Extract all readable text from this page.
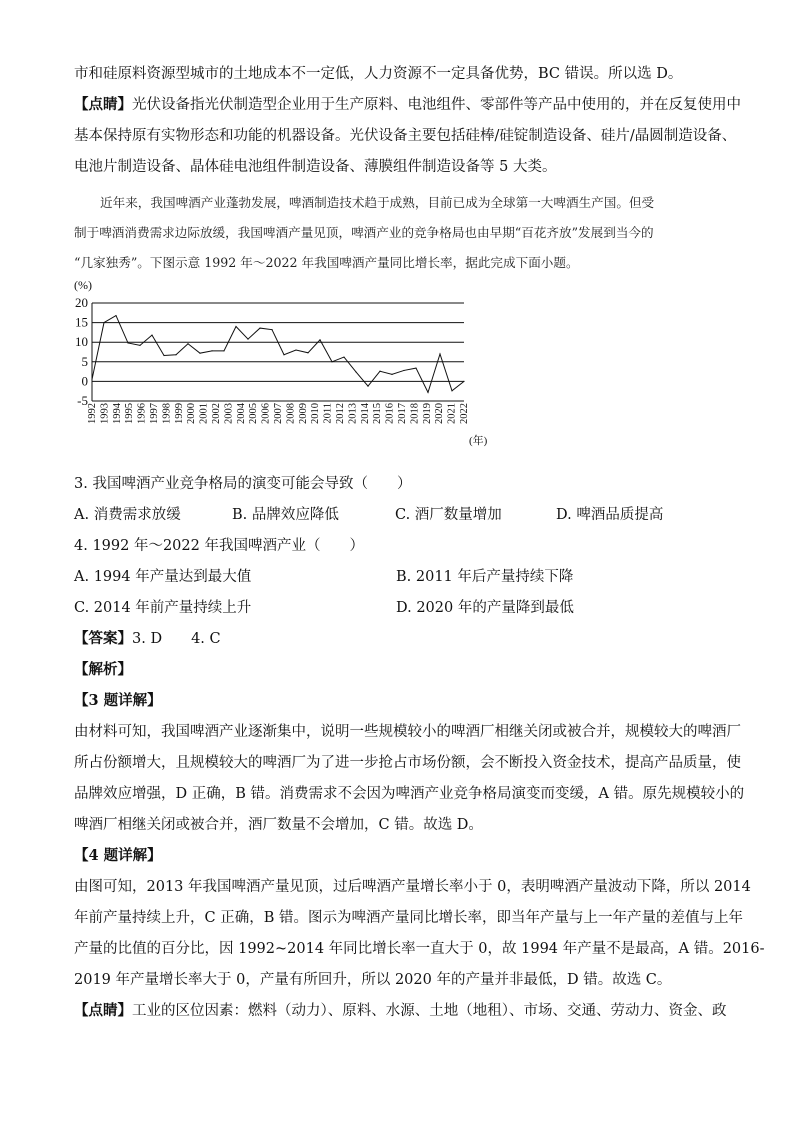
市和硅原料资源型城市的土地成本不一定低，人力资源不一定具备优势，BC 错误。所以选 D。
【点睛】光伏设备指光伏制造型企业用于生产原料、电池组件、零部件等产品中使用的，并在反复使用中
基本保持原有实物形态和功能的机器设备。光伏设备主要包括硅棒/硅锭制造设备、硅片/晶圆制造设备、
电池片制造设备、晶体硅电池组件制造设备、薄膜组件制造设备等 5 大类。
近年来，我国啤酒产业蓬勃发展，啤酒制造技术趋于成熟，目前已成为全球第一大啤酒生产国。但受
制于啤酒消费需求边际放缓，我国啤酒产量见顶，啤酒产业的竞争格局也由早期“百花齐放”发展到当今的
“几家独秀”。下图示意 1992 年～2022 年我国啤酒产量同比增长率，据此完成下面小题。
(%)
20
15
10
5
0
-5
1992 1993 1994 1995 1996 1997 1998 1999 2000 2001 2002 2003 2004 2005 2006 2007 2008 2009 2010 2011 2012 2013 2014 2015 2016 2017 2018 2019 2020 2021 2022
(年)
3. 我国啤酒产业竞争格局的演变可能会导致（　　）
A. 消费需求放缓	B. 品牌效应降低	C. 酒厂数量增加	D. 啤酒品质提高
4. 1992 年～2022 年我国啤酒产业（　　）
A. 1994 年产量达到最大值	B. 2011 年后产量持续下降
C. 2014 年前产量持续上升	D. 2020 年的产量降到最低
【答案】3. D　　4. C
【解析】
【3 题详解】
由材料可知，我国啤酒产业逐渐集中，说明一些规模较小的啤酒厂相继关闭或被合并，规模较大的啤酒厂
所占份额增大，且规模较大的啤酒厂为了进一步抢占市场份额，会不断投入资金技术，提高产品质量，使
品牌效应增强，D 正确，B 错。消费需求不会因为啤酒产业竞争格局演变而变缓，A 错。原先规模较小的
啤酒厂相继关闭或被合并，酒厂数量不会增加，C 错。故选 D。
【4 题详解】
由图可知，2013 年我国啤酒产量见顶，过后啤酒产量增长率小于 0，表明啤酒产量波动下降，所以 2014
年前产量持续上升，C 正确，B 错。图示为啤酒产量同比增长率，即当年产量与上一年产量的差值与上年
产量的比值的百分比，因 1992~2014 年同比增长率一直大于 0，故 1994 年产量不是最高，A 错。2016-
2019 年产量增长率大于 0，产量有所回升，所以 2020 年的产量并非最低，D 错。故选 C。
【点睛】工业的区位因素：燃料（动力）、原料、水源、土地（地租）、市场、交通、劳动力、资金、政
